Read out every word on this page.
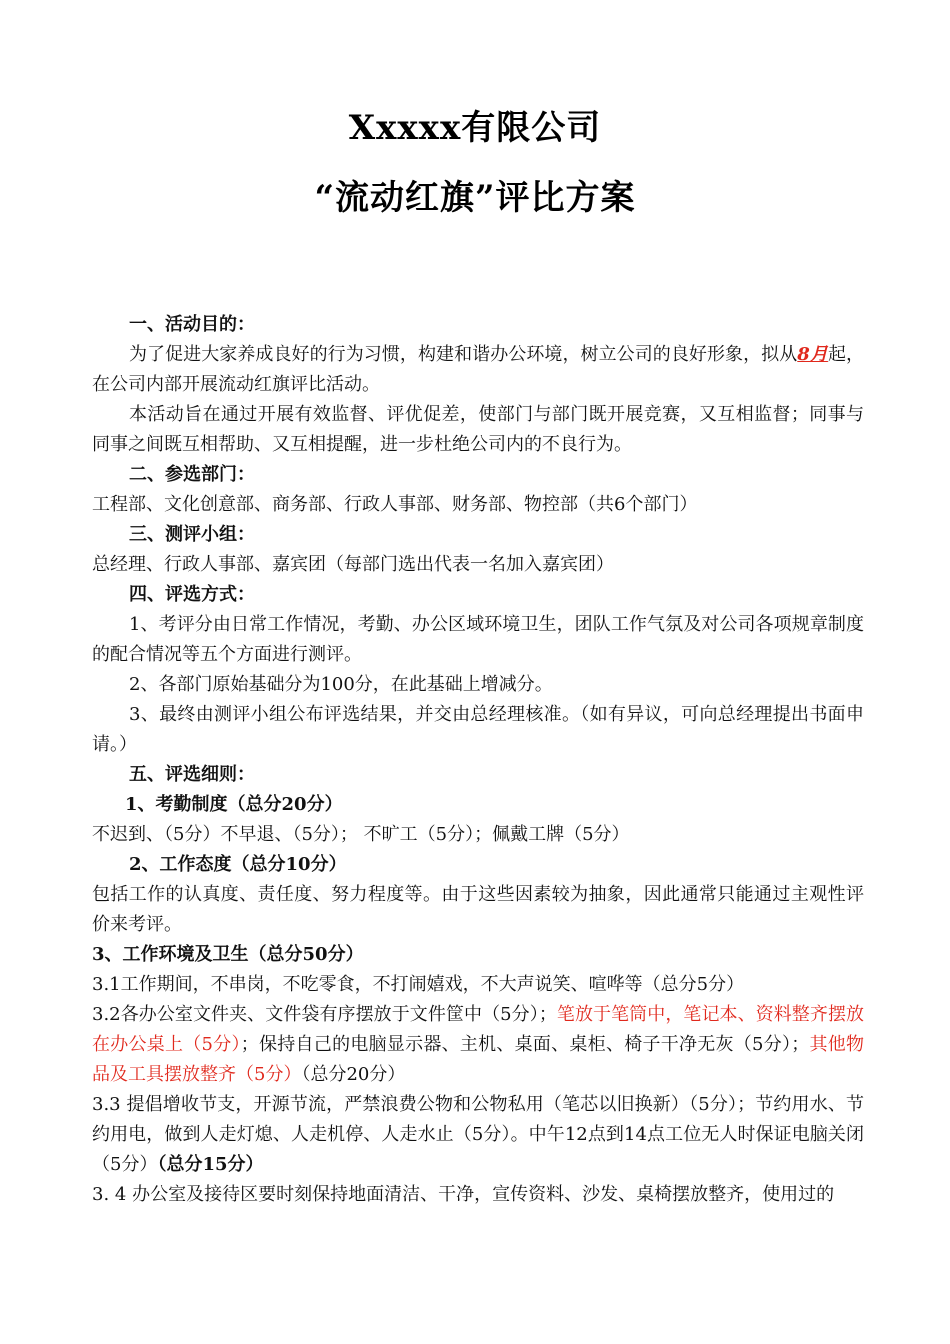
Xxxxx有限公司
“流动红旗”评比方案

一、活动目的：

为了促进大家养成良好的行为习惯，构建和谐办公环境，树立公司的良好形象，拟从8月起，在公司内部开展流动红旗评比活动。

本活动旨在通过开展有效监督、评优促差，使部门与部门既开展竞赛，又互相监督；同事与同事之间既互相帮助、又互相提醒，进一步杜绝公司内的不良行为。

二、参选部门：

工程部、文化创意部、商务部、行政人事部、财务部、物控部（共6个部门）

三、测评小组：

总经理、行政人事部、嘉宾团（每部门选出代表一名加入嘉宾团）

四、评选方式：

1、考评分由日常工作情况，考勤、办公区域环境卫生，团队工作气氛及对公司各项规章制度的配合情况等五个方面进行测评。

2、各部门原始基础分为100分，在此基础上增减分。

3、最终由测评小组公布评选结果，并交由总经理核准。（如有异议，可向总经理提出书面申请。）

五、评选细则：

1、考勤制度（总分20分）

不迟到、（5分）不早退、（5分）； 不旷工（5分）；佩戴工牌（5分）

2、工作态度（总分10分）

包括工作的认真度、责任度、努力程度等。由于这些因素较为抽象，因此通常只能通过主观性评价来考评。

3、工作环境及卫生（总分50分）

3.1工作期间，不串岗，不吃零食，不打闹嬉戏，不大声说笑、喧哗等（总分5分）

3.2各办公室文件夹、文件袋有序摆放于文件筐中（5分）；笔放于笔筒中，笔记本、资料整齐摆放在办公桌上（5分）；保持自己的电脑显示器、主机、桌面、桌柜、椅子干净无灰（5分）；其他物品及工具摆放整齐（5分）（总分20分）

3.3 提倡增收节支，开源节流，严禁浪费公物和公物私用（笔芯以旧换新）（5分）；节约用水、节约用电，做到人走灯熄、人走机停、人走水止（5分）。中午12点到14点工位无人时保证电脑关闭（5分）（总分15分）

3. 4 办公室及接待区要时刻保持地面清洁、干净，宣传资料、沙发、桌椅摆放整齐，使用过的
